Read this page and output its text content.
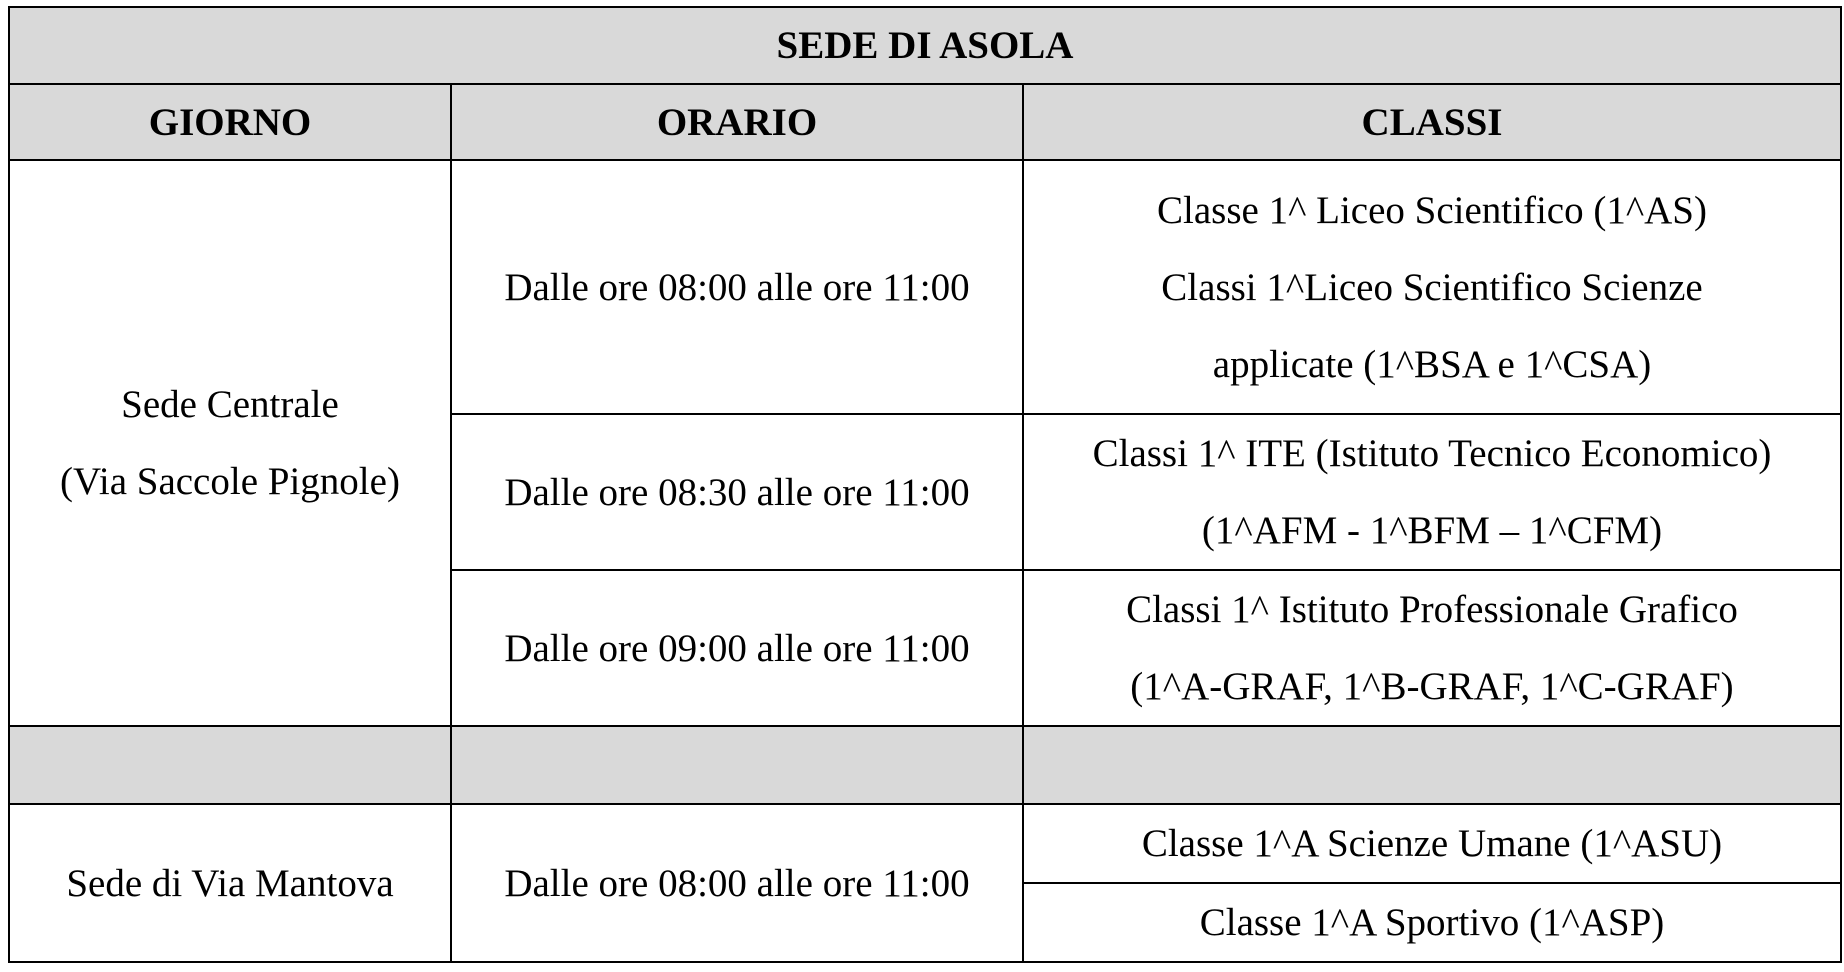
SEDE DI ASOLA		
GIORNO	ORARIO	CLASSI

Sede Centrale
(Via Saccole Pignole)	Dalle ore 08:00 alle ore 11:00	Classe 1^ Liceo Scientifico (1^AS)
Classi 1^Liceo Scientifico Scienze
applicate (1^BSA e 1^CSA)

	Dalle ore 08:30 alle ore 11:00	Classi 1^ ITE (Istituto Tecnico Economico)
(1^AFM - 1^BFM – 1^CFM)

	Dalle ore 09:00 alle ore 11:00	Classi 1^ Istituto Professionale Grafico
(1^A-GRAF, 1^B-GRAF, 1^C-GRAF)

Sede di Via Mantova	Dalle ore 08:00 alle ore 11:00	Classe 1^A Scienze Umane (1^ASU)
		Classe 1^A Sportivo (1^ASP)
